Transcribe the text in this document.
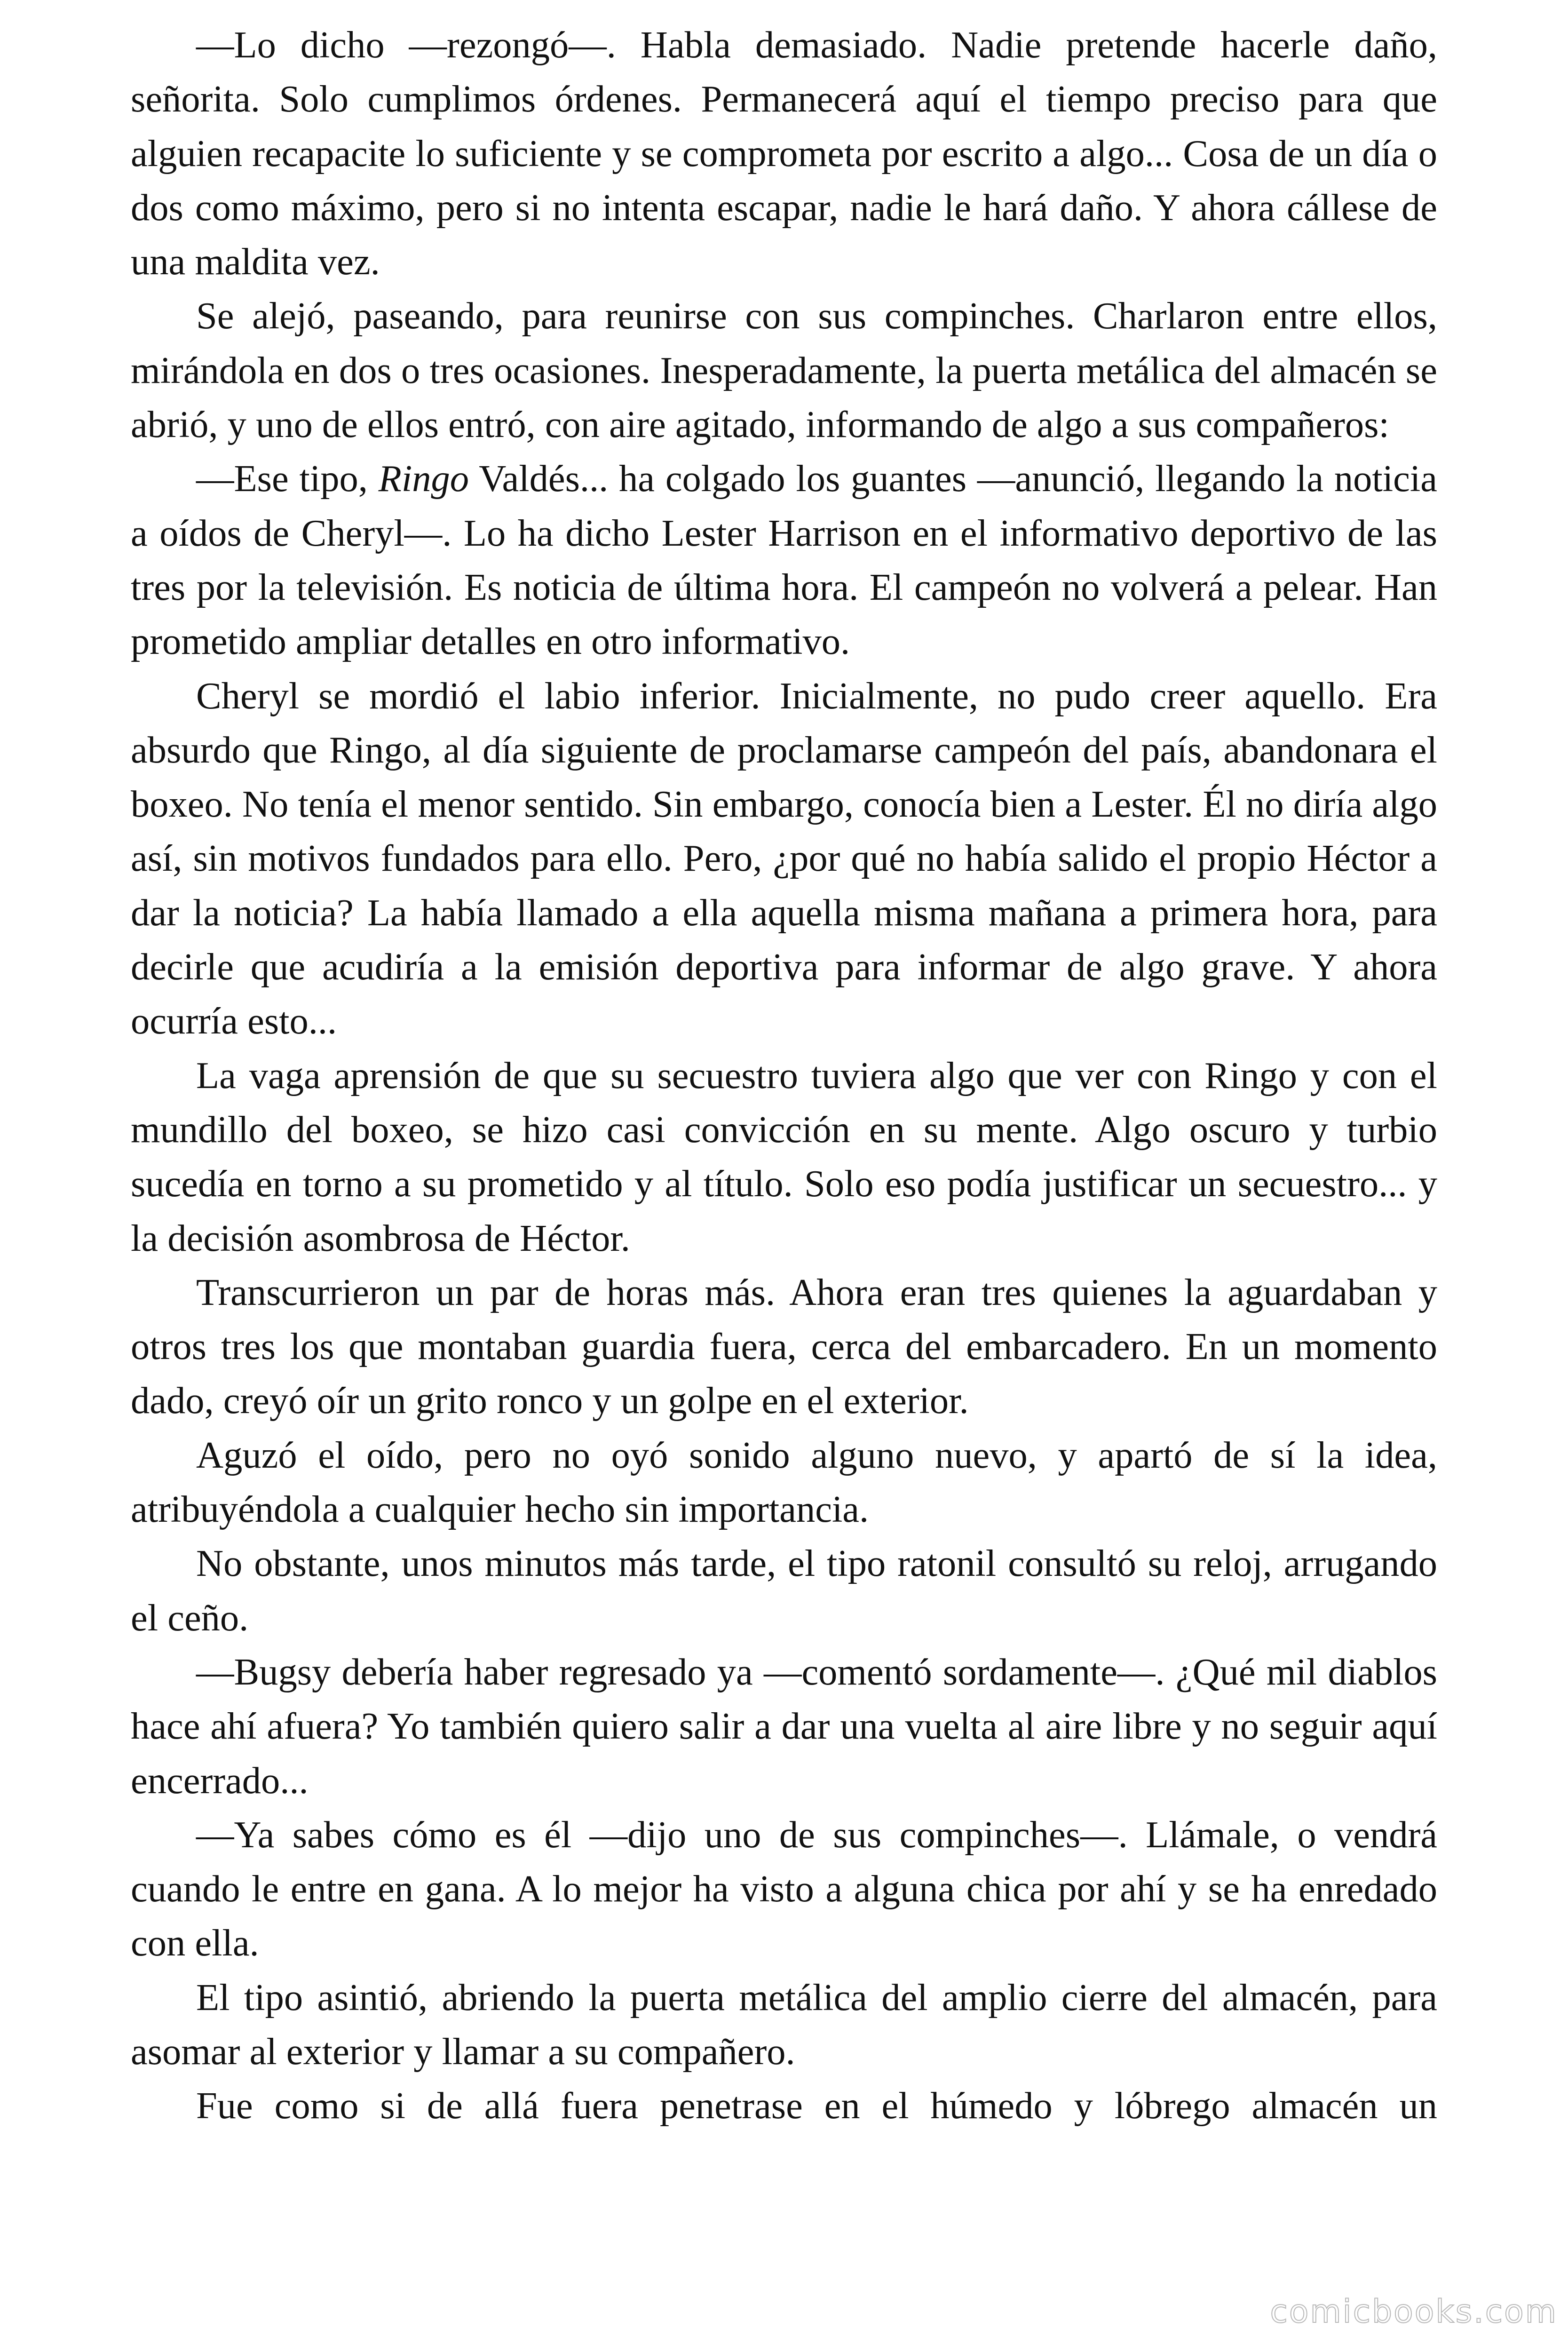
—Lo dicho —rezongó—. Habla demasiado. Nadie pretende hacerle daño, señorita. Solo cumplimos órdenes. Permanecerá aquí el tiempo preciso para que alguien recapacite lo suficiente y se comprometa por escrito a algo... Cosa de un día o dos como máximo, pero si no intenta escapar, nadie le hará daño. Y ahora cállese de una maldita vez.

Se alejó, paseando, para reunirse con sus compinches. Charlaron entre ellos, mirándola en dos o tres ocasiones. Inesperadamente, la puerta metálica del almacén se abrió, y uno de ellos entró, con aire agitado, informando de algo a sus compañeros:

—Ese tipo, Ringo Valdés... ha colgado los guantes —anunció, llegando la noticia a oídos de Cheryl—. Lo ha dicho Lester Harrison en el informativo deportivo de las tres por la televisión. Es noticia de última hora. El campeón no volverá a pelear. Han prometido ampliar detalles en otro informativo.

Cheryl se mordió el labio inferior. Inicialmente, no pudo creer aquello. Era absurdo que Ringo, al día siguiente de proclamarse campeón del país, abandonara el boxeo. No tenía el menor sentido. Sin embargo, conocía bien a Lester. Él no diría algo así, sin motivos fundados para ello. Pero, ¿por qué no había salido el propio Héctor a dar la noticia? La había llamado a ella aquella misma mañana a primera hora, para decirle que acudiría a la emisión deportiva para informar de algo grave. Y ahora ocurría esto...

La vaga aprensión de que su secuestro tuviera algo que ver con Ringo y con el mundillo del boxeo, se hizo casi convicción en su mente. Algo oscuro y turbio sucedía en torno a su prometido y al título. Solo eso podía justificar un secuestro... y la decisión asombrosa de Héctor.

Transcurrieron un par de horas más. Ahora eran tres quienes la aguardaban y otros tres los que montaban guardia fuera, cerca del embarcadero. En un momento dado, creyó oír un grito ronco y un golpe en el exterior.

Aguzó el oído, pero no oyó sonido alguno nuevo, y apartó de sí la idea, atribuyéndola a cualquier hecho sin importancia.

No obstante, unos minutos más tarde, el tipo ratonil consultó su reloj, arrugando el ceño.

—Bugsy debería haber regresado ya —comentó sordamente—. ¿Qué mil diablos hace ahí afuera? Yo también quiero salir a dar una vuelta al aire libre y no seguir aquí encerrado...

—Ya sabes cómo es él —dijo uno de sus compinches—. Llámale, o vendrá cuando le entre en gana. A lo mejor ha visto a alguna chica por ahí y se ha enredado con ella.

El tipo asintió, abriendo la puerta metálica del amplio cierre del almacén, para asomar al exterior y llamar a su compañero.

Fue como si de allá fuera penetrase en el húmedo y lóbrego almacén un

comicbooks.com
